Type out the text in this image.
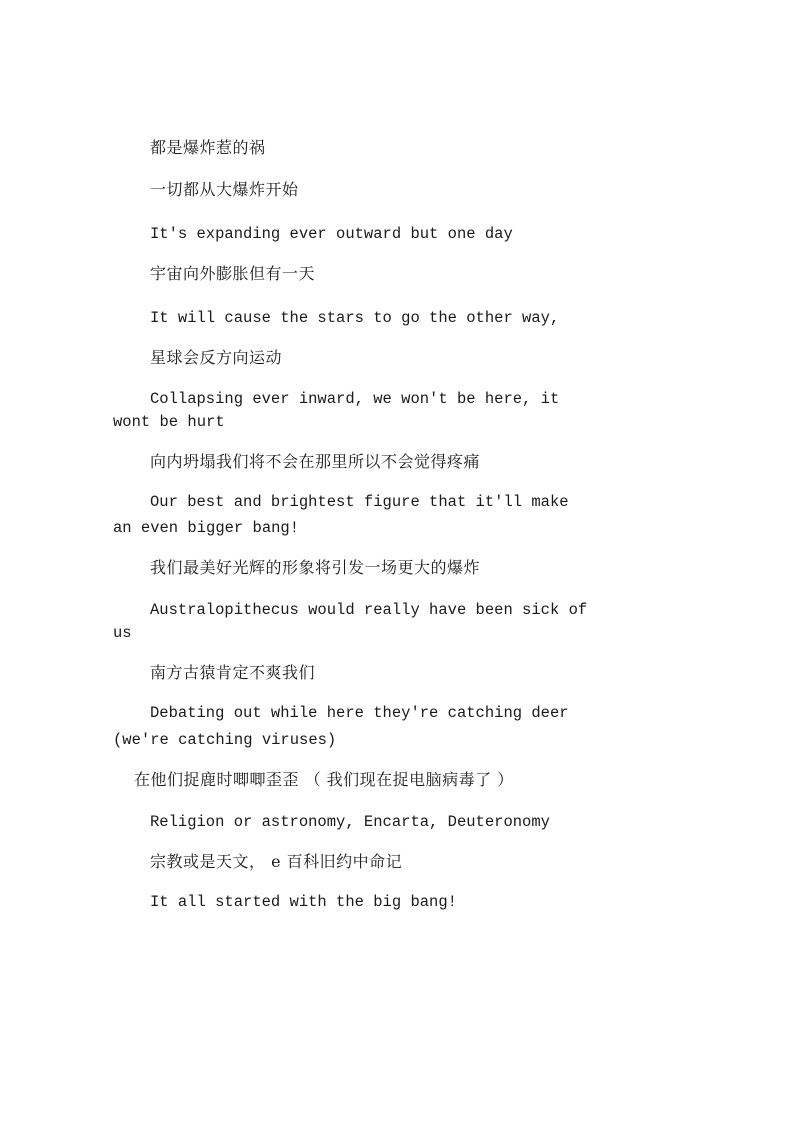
都是爆炸惹的祸

一切都从大爆炸开始

It's expanding ever outward but one day

宇宙向外膨胀但有一天

It will cause the stars to go the other way,

星球会反方向运动

Collapsing ever inward, we won't be here, it

wont be hurt

向内坍塌我们将不会在那里所以不会觉得疼痛

Our best and brightest figure that it'll make

an even bigger bang!

我们最美好光辉的形象将引发一场更大的爆炸

Australopithecus would really have been sick of

us

南方古猿肯定不爽我们

Debating out while here they're catching deer

(we're catching viruses)

在他们捉鹿时唧唧歪歪 （ 我们现在捉电脑病毒了 ）

Religion or astronomy, Encarta, Deuteronomy

宗教或是天文， e 百科旧约中命记

It all started with the big bang!
